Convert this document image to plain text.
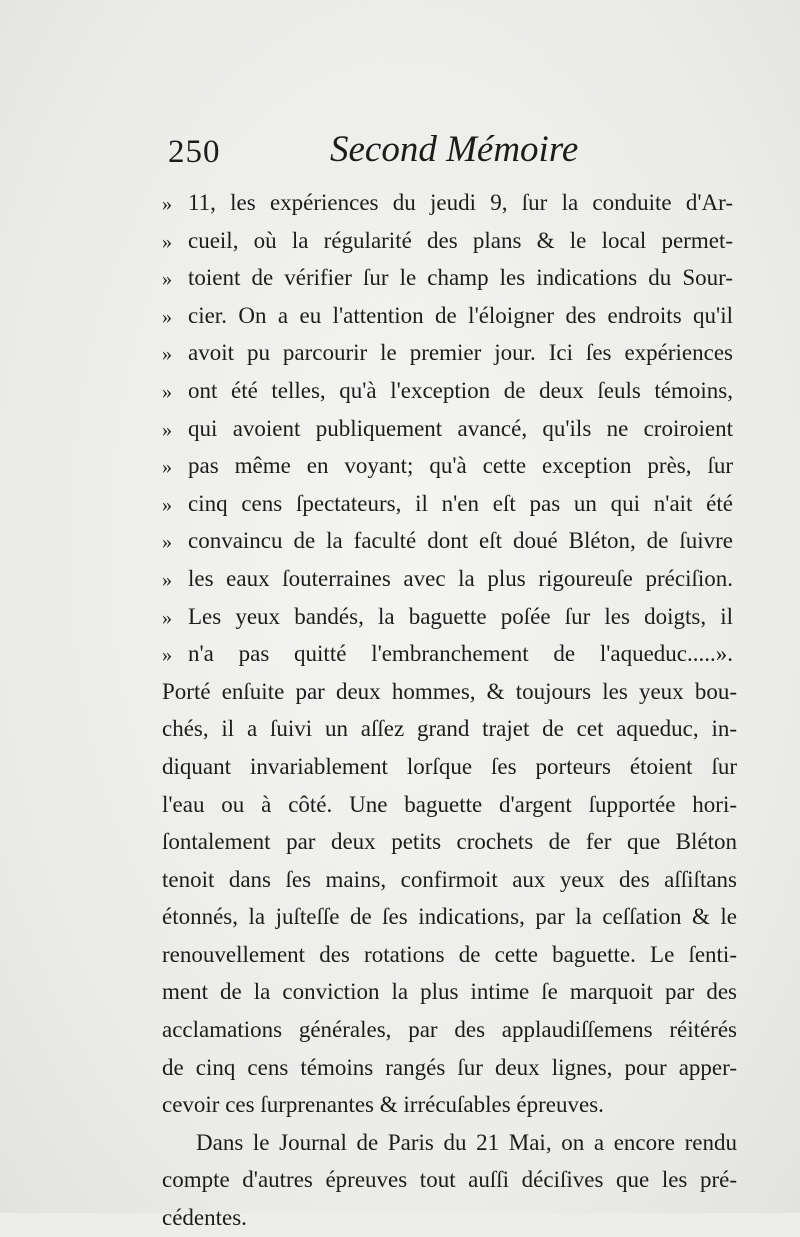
250	Second Mémoire
» 11, les expériences du jeudi 9, ſur la conduite d'Ar-
» cueil, où la régularité des plans & le local permet-
» toient de vérifier ſur le champ les indications du Sour-
» cier. On a eu l'attention de l'éloigner des endroits qu'il
» avoit pu parcourir le premier jour. Ici ſes expériences
» ont été telles, qu'à l'exception de deux ſeuls témoins,
» qui avoient publiquement avancé, qu'ils ne croiroient
» pas même en voyant; qu'à cette exception près, ſur
» cinq cens ſpectateurs, il n'en eſt pas un qui n'ait été
» convaincu de la faculté dont eſt doué Bléton, de ſuivre
» les eaux ſouterraines avec la plus rigoureuſe préciſion.
» Les yeux bandés, la baguette poſée ſur les doigts, il
» n'a pas quitté l'embranchement de l'aqueduc.....».
Porté enſuite par deux hommes, & toujours les yeux bou-
chés, il a ſuivi un aſſez grand trajet de cet aqueduc, in-
diquant invariablement lorſque ſes porteurs étoient ſur
l'eau ou à côté. Une baguette d'argent ſupportée hori-
ſontalement par deux petits crochets de fer que Bléton
tenoit dans ſes mains, confirmoit aux yeux des aſſiſtans
étonnés, la juſteſſe de ſes indications, par la ceſſation & le
renouvellement des rotations de cette baguette. Le ſenti-
ment de la conviction la plus intime ſe marquoit par des
acclamations générales, par des applaudiſſemens réitérés
de cinq cens témoins rangés ſur deux lignes, pour apper-
cevoir ces ſurprenantes & irrécuſables épreuves.
Dans le Journal de Paris du 21 Mai, on a encore rendu
compte d'autres épreuves tout auſſi déciſives que les pré-
cédentes.
